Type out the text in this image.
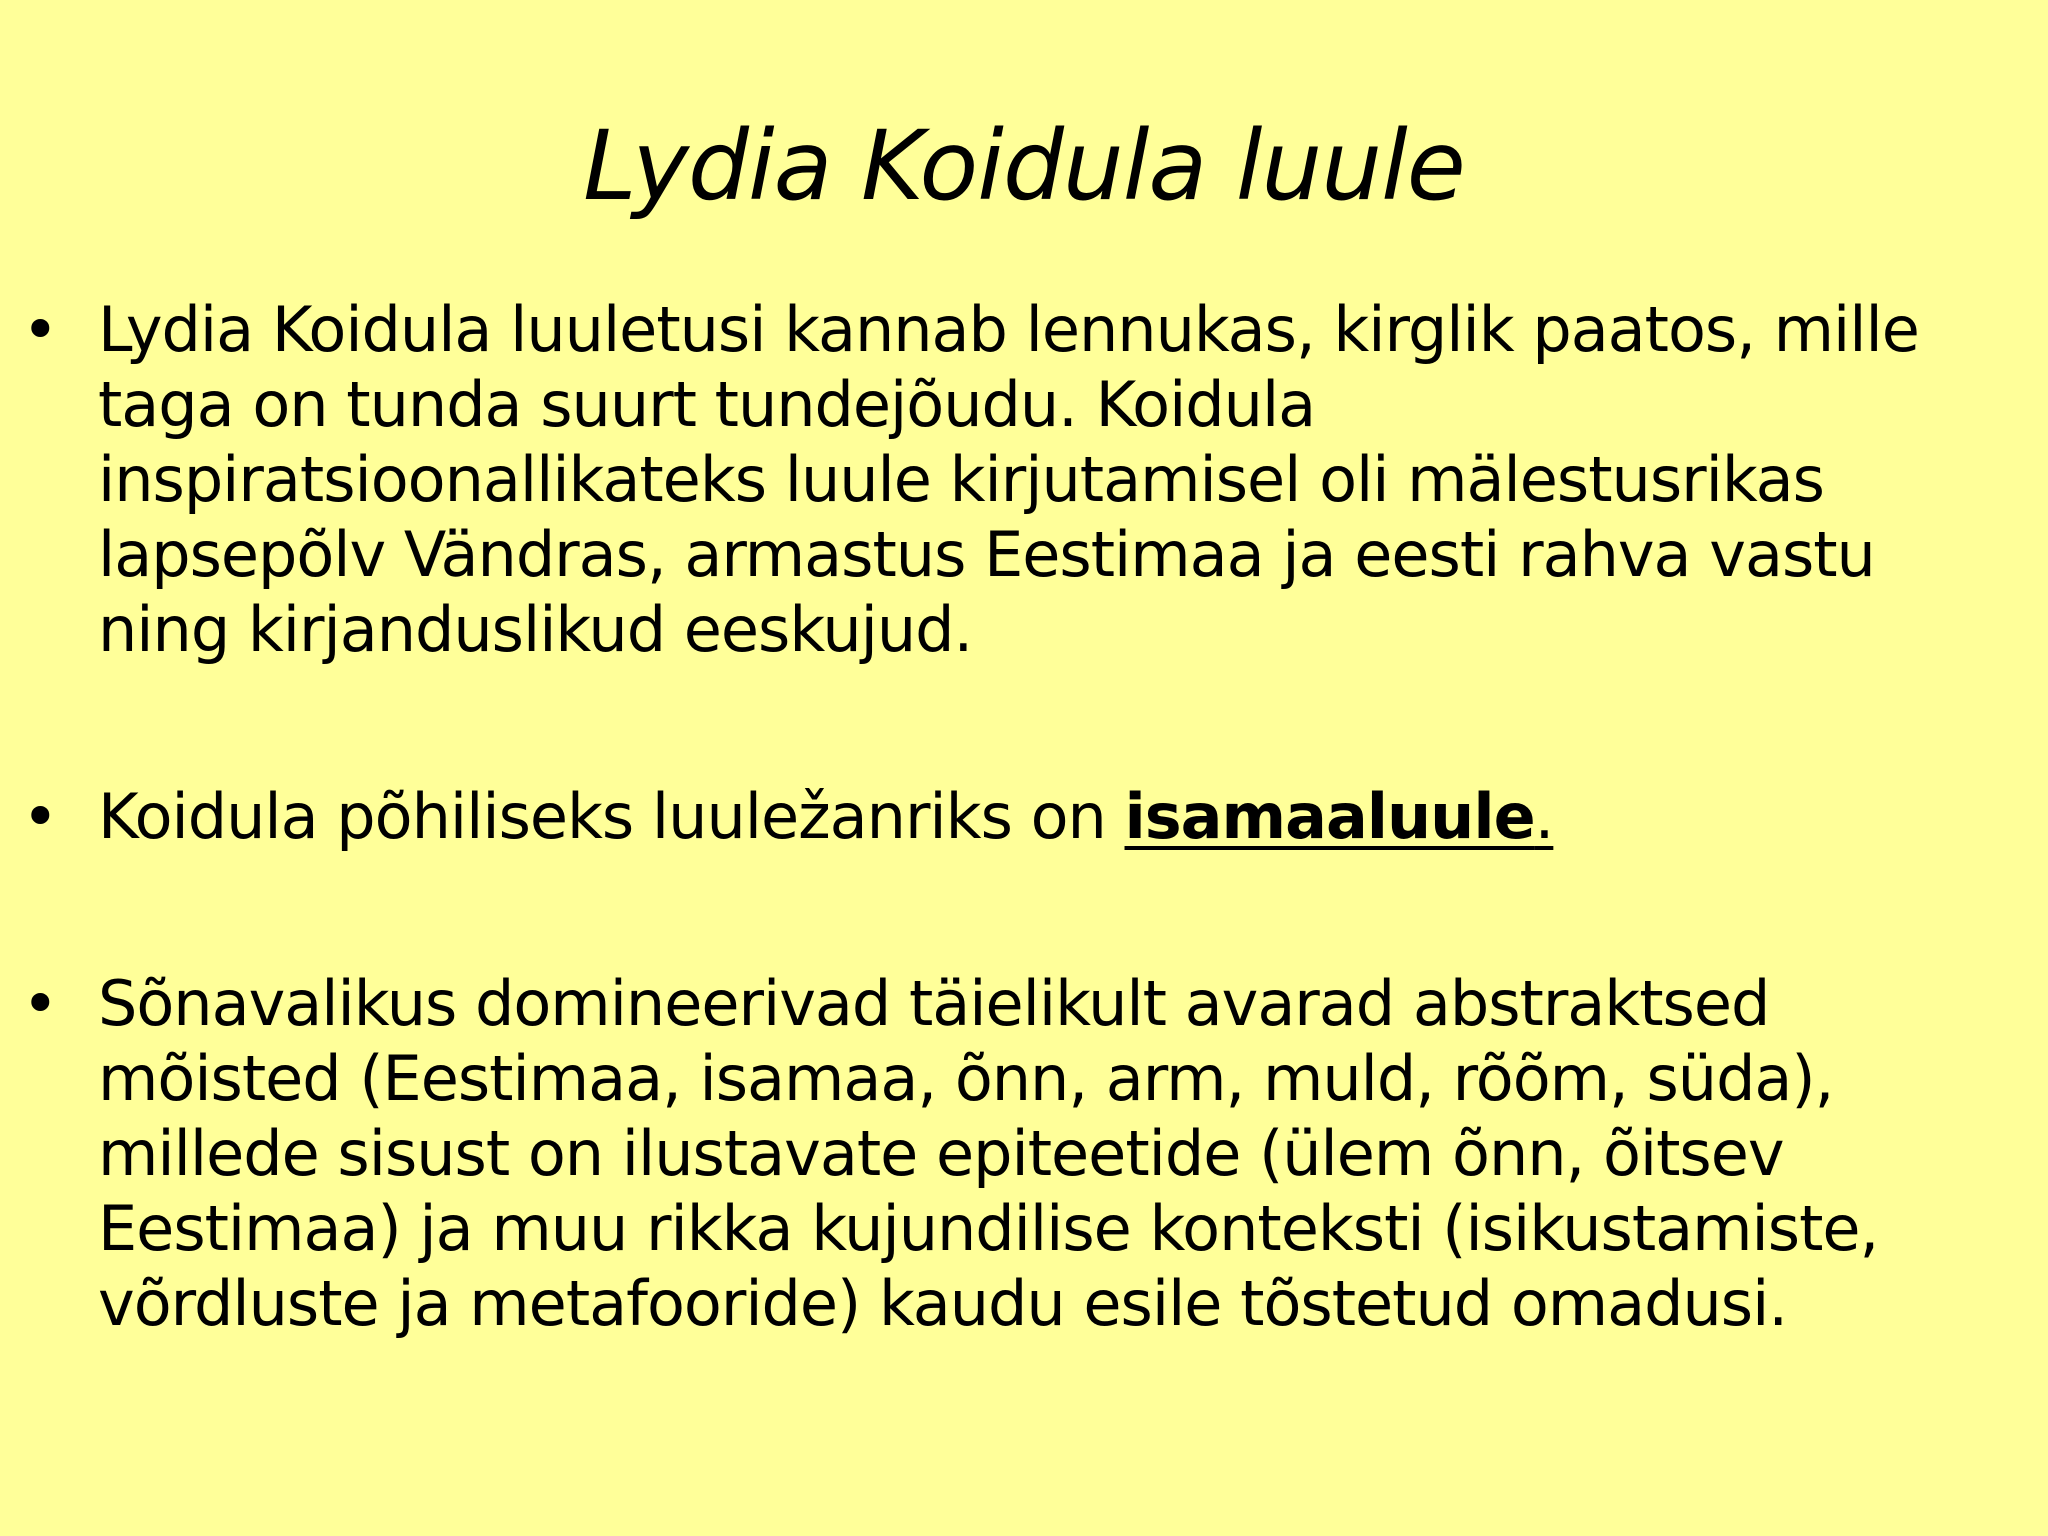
Lydia Koidula luule
• Lydia Koidula luuletusi kannab lennukas, kirglik paatos, mille taga on tunda suurt tundejõudu. Koidula inspiratsioonallikateks luule kirjutamisel oli mälestusrikas lapsepõlv Vändras, armastus Eestimaa ja eesti rahva vastu ning kirjanduslikud eeskujud.

• Koidula põhiliseks luuležanriks on isamaaluule.

• Sõnavalikus domineerivad täielikult avarad abstraktsed mõisted (Eestimaa, isamaa, õnn, arm, muld, rõõm, süda), millede sisust on ilustavate epiteetide (ülem õnn, õitsev Eestimaa) ja muu rikka kujundilise konteksti (isikustamiste, võrdluste ja metafooride) kaudu esile tõstetud omadusi.
